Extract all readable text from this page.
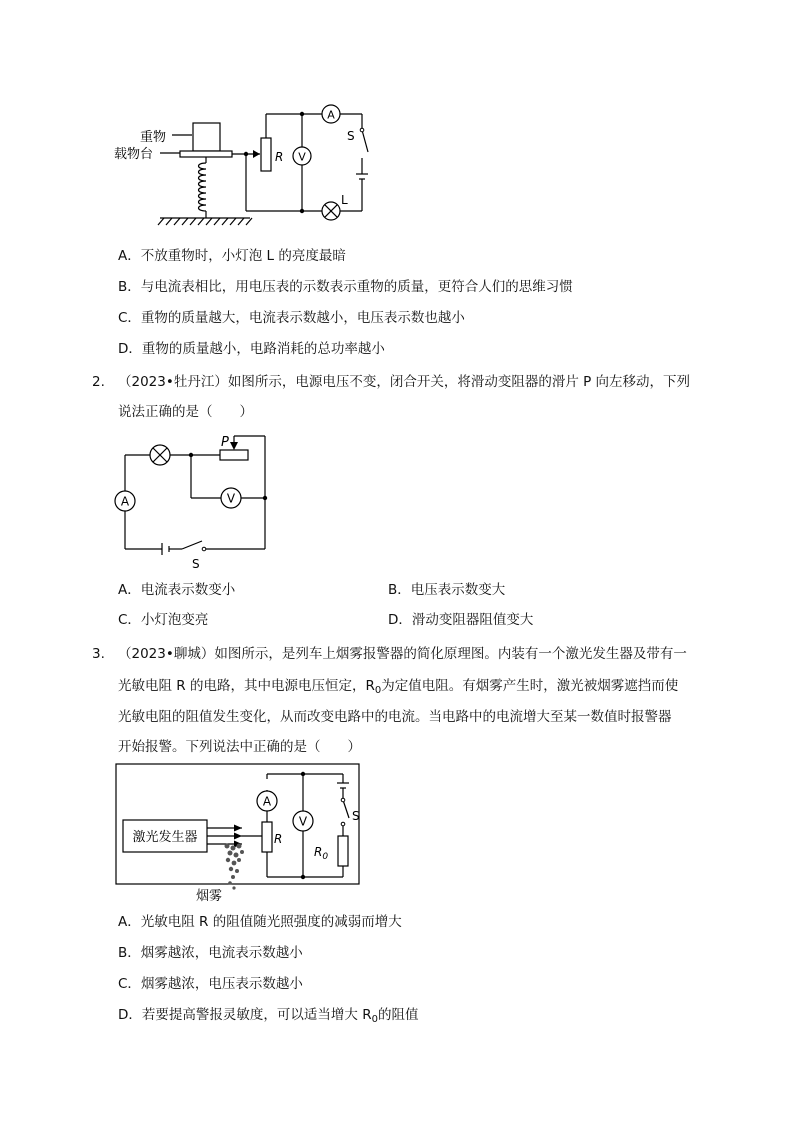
A
V
重物
载物台	R
S
L
A．不放重物时，小灯泡 L 的亮度最暗
B．与电流表相比，用电压表的示数表示重物的质量，更符合人们的思维习惯
C．重物的质量越大，电流表示数越小，电压表示数也越小
D．重物的质量越小，电路消耗的总功率越小
2. （2023•牡丹江）如图所示，电源电压不变，闭合开关，将滑动变阻器的滑片 P 向左移动，下列
说法正确的是（　　）
A	V
P
S
A．电流表示数变小	B．电压表示数变大
C．小灯泡变亮	D．滑动变阻器阻值变大
3. （2023•聊城）如图所示，是列车上烟雾报警器的简化原理图。内装有一个激光发生器及带有一
光敏电阻 R 的电路，其中电源电压恒定，$R_0$为定值电阻。有烟雾产生时，激光被烟雾遮挡而使
光敏电阻的阻值发生变化，从而改变电路中的电流。当电路中的电流增大至某一数值时报警器
开始报警。下列说法中正确的是（　　）
A
V
激光发生器
烟雾
R
S
$R_0$
A．光敏电阻 R 的阻值随光照强度的减弱而增大
B．烟雾越浓，电流表示数越小
C．烟雾越浓，电压表示数越小
D．若要提高警报灵敏度，可以适当增大 $R_0$的阻值
